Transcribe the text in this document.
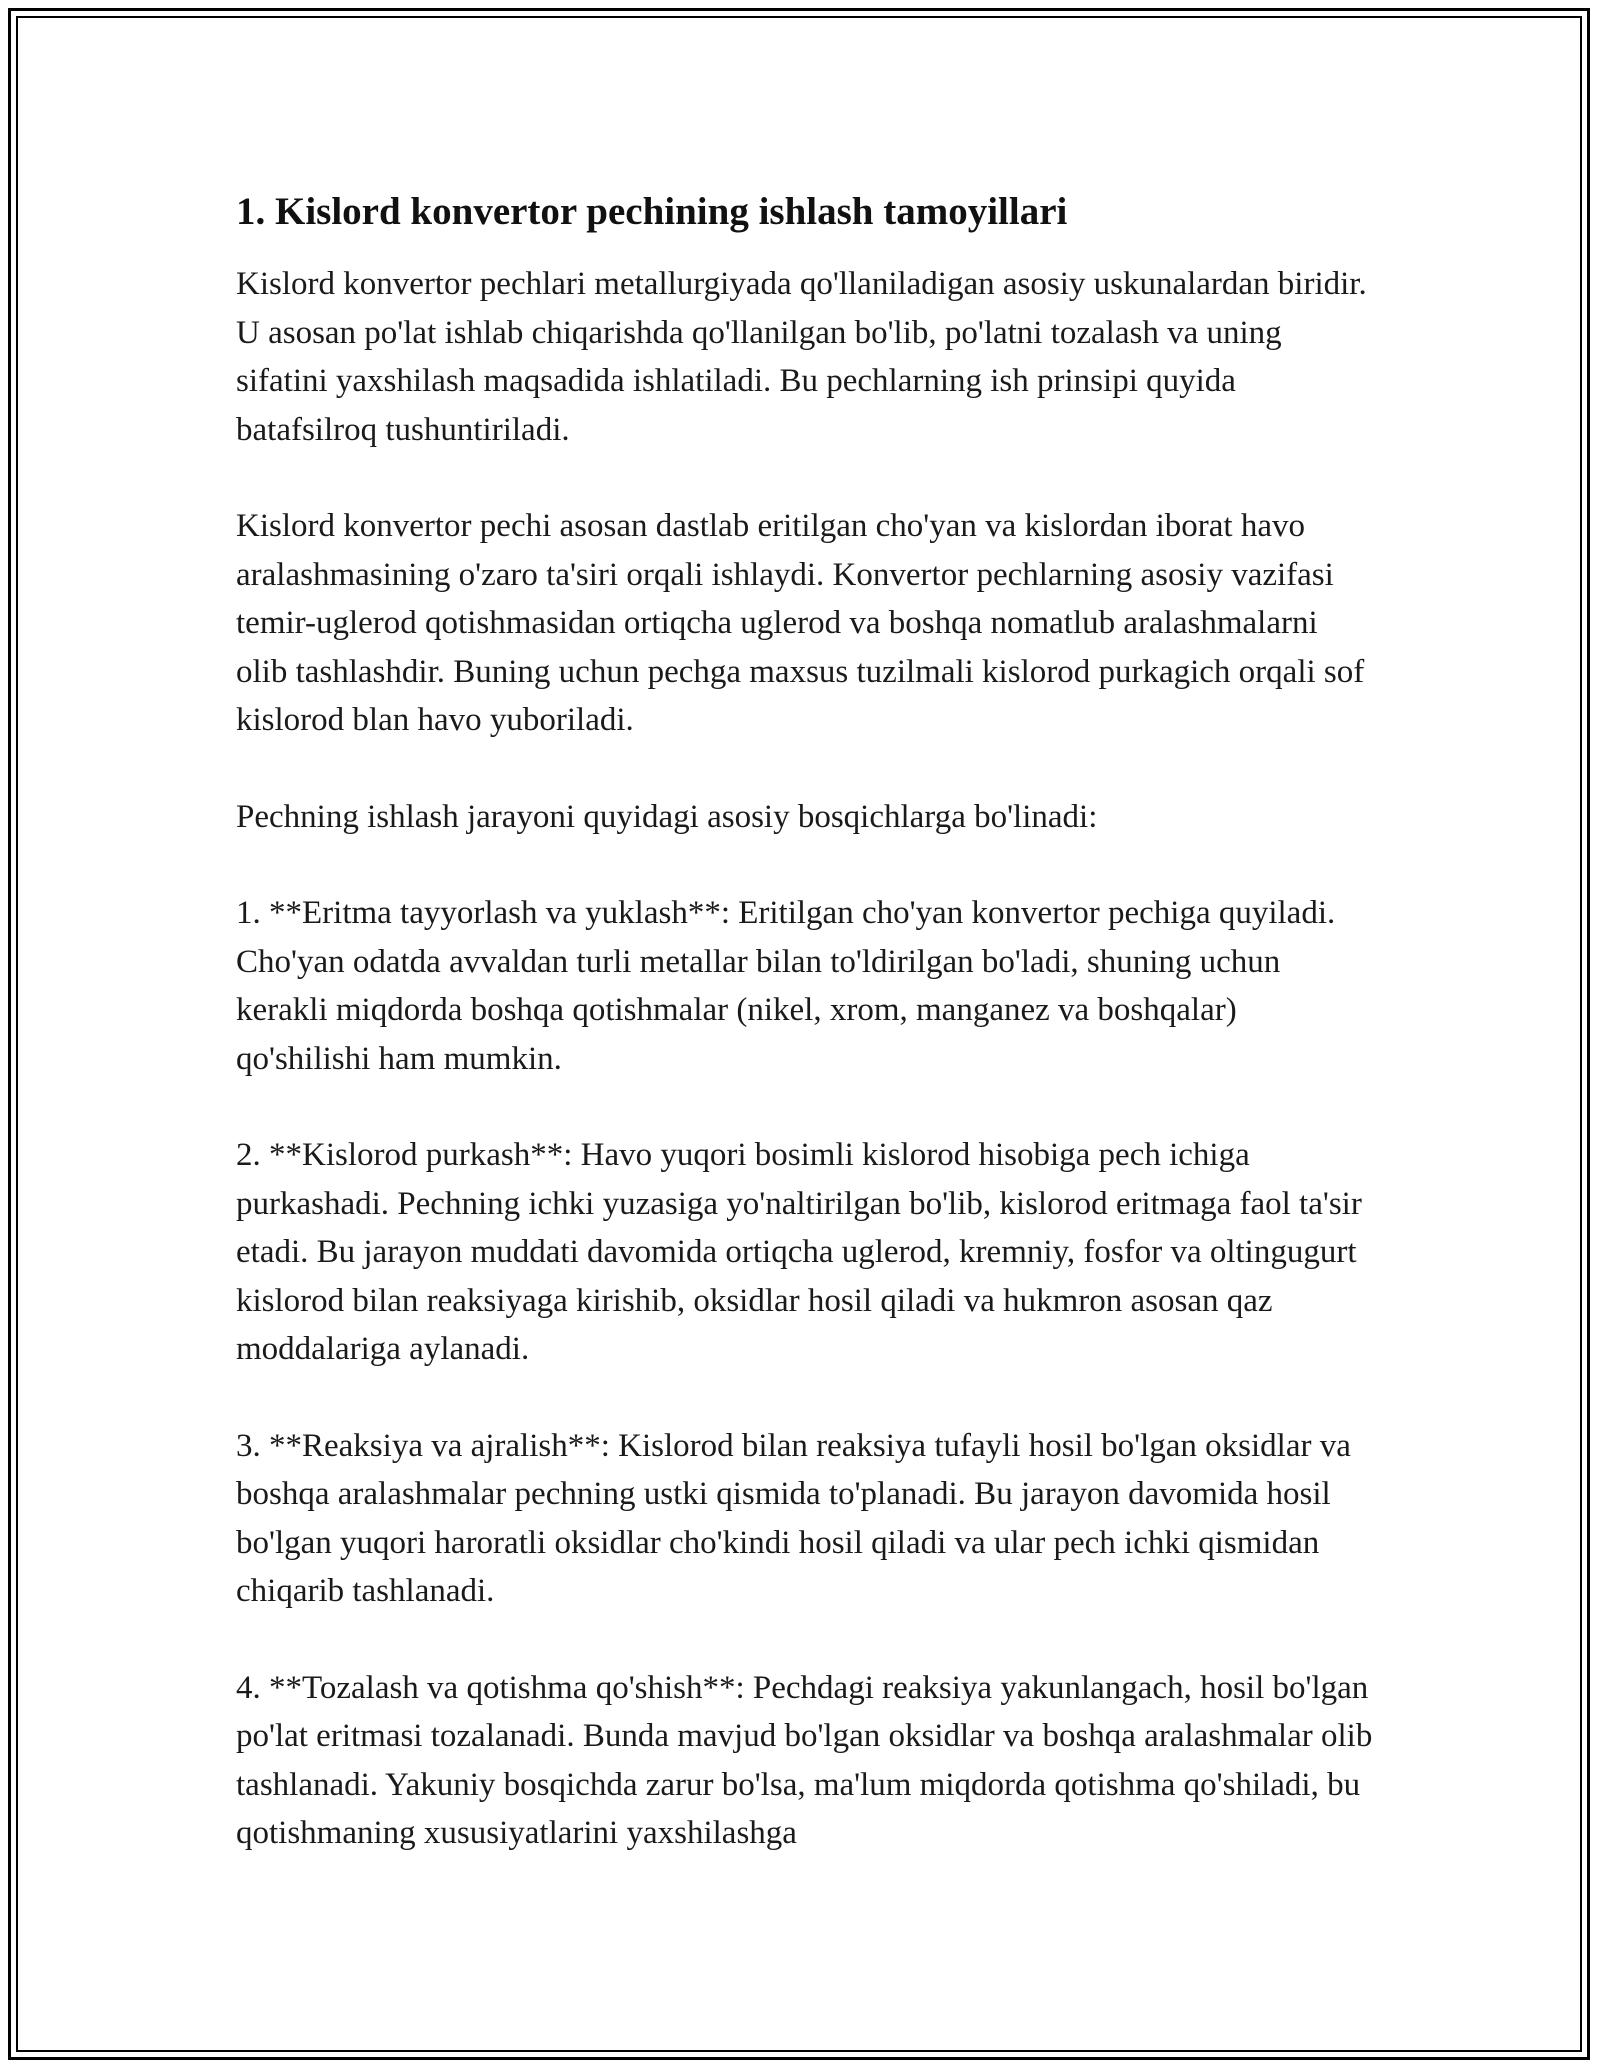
1. Kislord konvertor pechining ishlash tamoyillari

Kislord konvertor pechlari metallurgiyada qo'llaniladigan asosiy uskunalardan biridir. U asosan po'lat ishlab chiqarishda qo'llanilgan bo'lib, po'latni tozalash va uning sifatini yaxshilash maqsadida ishlatiladi. Bu pechlarning ish prinsipi quyida batafsilroq tushuntiriladi.

Kislord konvertor pechi asosan dastlab eritilgan cho'yan va kislordan iborat havo aralashmasining o'zaro ta'siri orqali ishlaydi. Konvertor pechlarning asosiy vazifasi temir-uglerod qotishmasidan ortiqcha uglerod va boshqa nomatlub aralashmalarni olib tashlashdir. Buning uchun pechga maxsus tuzilmali kislorod purkagich orqali sof kislorod blan havo yuboriladi.

Pechning ishlash jarayoni quyidagi asosiy bosqichlarga bo'linadi:

1. **Eritma tayyorlash va yuklash**: Eritilgan cho'yan konvertor pechiga quyiladi. Cho'yan odatda avvaldan turli metallar bilan to'ldirilgan bo'ladi, shuning uchun kerakli miqdorda boshqa qotishmalar (nikel, xrom, manganez va boshqalar) qo'shilishi ham mumkin.

2. **Kislorod purkash**: Havo yuqori bosimli kislorod hisobiga pech ichiga purkashadi. Pechning ichki yuzasiga yo'naltirilgan bo'lib, kislorod eritmaga faol ta'sir etadi. Bu jarayon muddati davomida ortiqcha uglerod, kremniy, fosfor va oltingugurt kislorod bilan reaksiyaga kirishib, oksidlar hosil qiladi va hukmron asosan qaz moddalariga aylanadi.

3. **Reaksiya va ajralish**: Kislorod bilan reaksiya tufayli hosil bo'lgan oksidlar va boshqa aralashmalar pechning ustki qismida to'planadi. Bu jarayon davomida hosil bo'lgan yuqori haroratli oksidlar cho'kindi hosil qiladi va ular pech ichki qismidan chiqarib tashlanadi.

4. **Tozalash va qotishma qo'shish**: Pechdagi reaksiya yakunlangach, hosil bo'lgan po'lat eritmasi tozalanadi. Bunda mavjud bo'lgan oksidlar va boshqa aralashmalar olib tashlanadi. Yakuniy bosqichda zarur bo'lsa, ma'lum miqdorda qotishma qo'shiladi, bu qotishmaning xususiyatlarini yaxshilashga
